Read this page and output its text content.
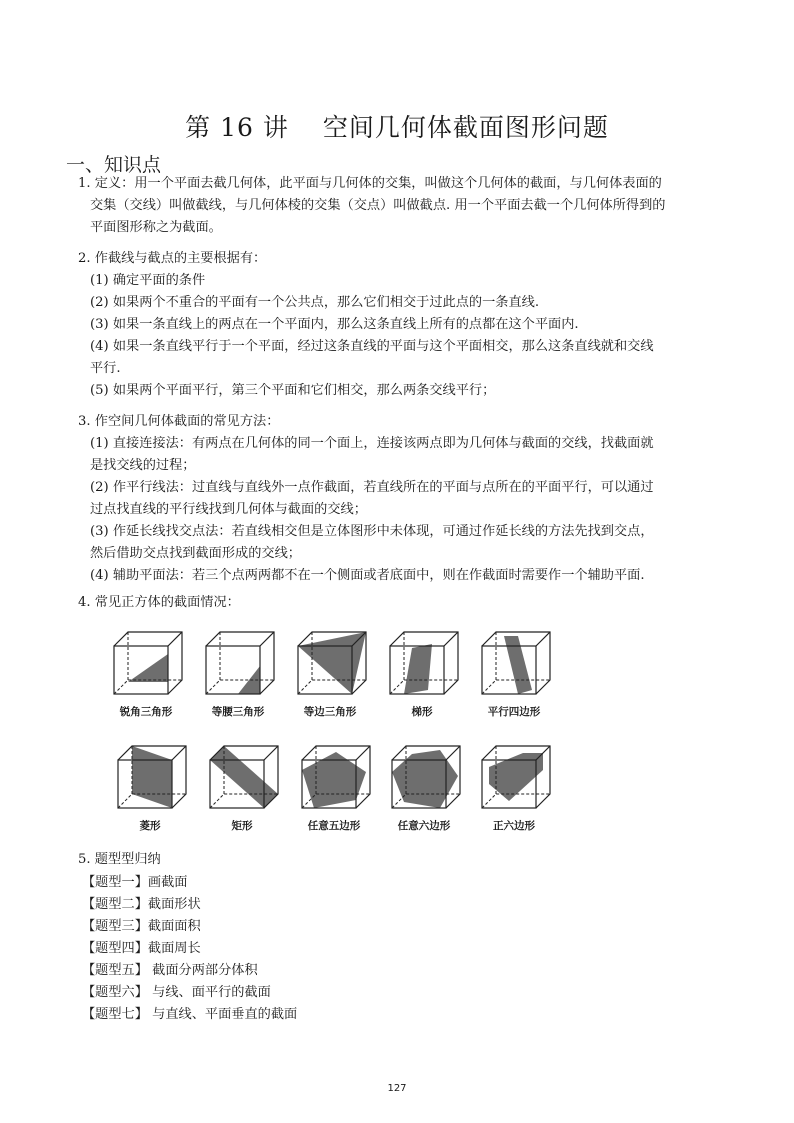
第 16 讲 空间几何体截面图形问题
一、知识点

1. 定义：用一个平面去截几何体，此平面与几何体的交集，叫做这个几何体的截面，与几何体表面的

交集（交线）叫做截线，与几何体棱的交集（交点）叫做截点. 用一个平面去截一个几何体所得到的

平面图形称之为截面。

2. 作截线与截点的主要根据有：

(1) 确定平面的条件

(2) 如果两个不重合的平面有一个公共点，那么它们相交于过此点的一条直线.

(3) 如果一条直线上的两点在一个平面内，那么这条直线上所有的点都在这个平面内.

(4) 如果一条直线平行于一个平面，经过这条直线的平面与这个平面相交，那么这条直线就和交线

平行.

(5) 如果两个平面平行，第三个平面和它们相交，那么两条交线平行；

3. 作空间几何体截面的常见方法：

(1) 直接连接法：有两点在几何体的同一个面上，连接该两点即为几何体与截面的交线，找截面就

是找交线的过程；

(2) 作平行线法：过直线与直线外一点作截面，若直线所在的平面与点所在的平面平行，可以通过

过点找直线的平行线找到几何体与截面的交线；

(3) 作延长线找交点法：若直线相交但是立体图形中未体现，可通过作延长线的方法先找到交点，

然后借助交点找到截面形成的交线；

(4) 辅助平面法：若三个点两两都不在一个侧面或者底面中，则在作截面时需要作一个辅助平面.

4. 常见正方体的截面情况：

锐角三角形	等腰三角形	等边三角形	梯形	平行四边形
菱形	矩形	任意五边形	任意六边形	正六边形

5. 题型型归纳

【题型一】画截面

【题型二】截面形状

【题型三】截面面积

【题型四】截面周长

【题型五】 截面分两部分体积

【题型六】 与线、面平行的截面

【题型七】 与直线、平面垂直的截面

127
